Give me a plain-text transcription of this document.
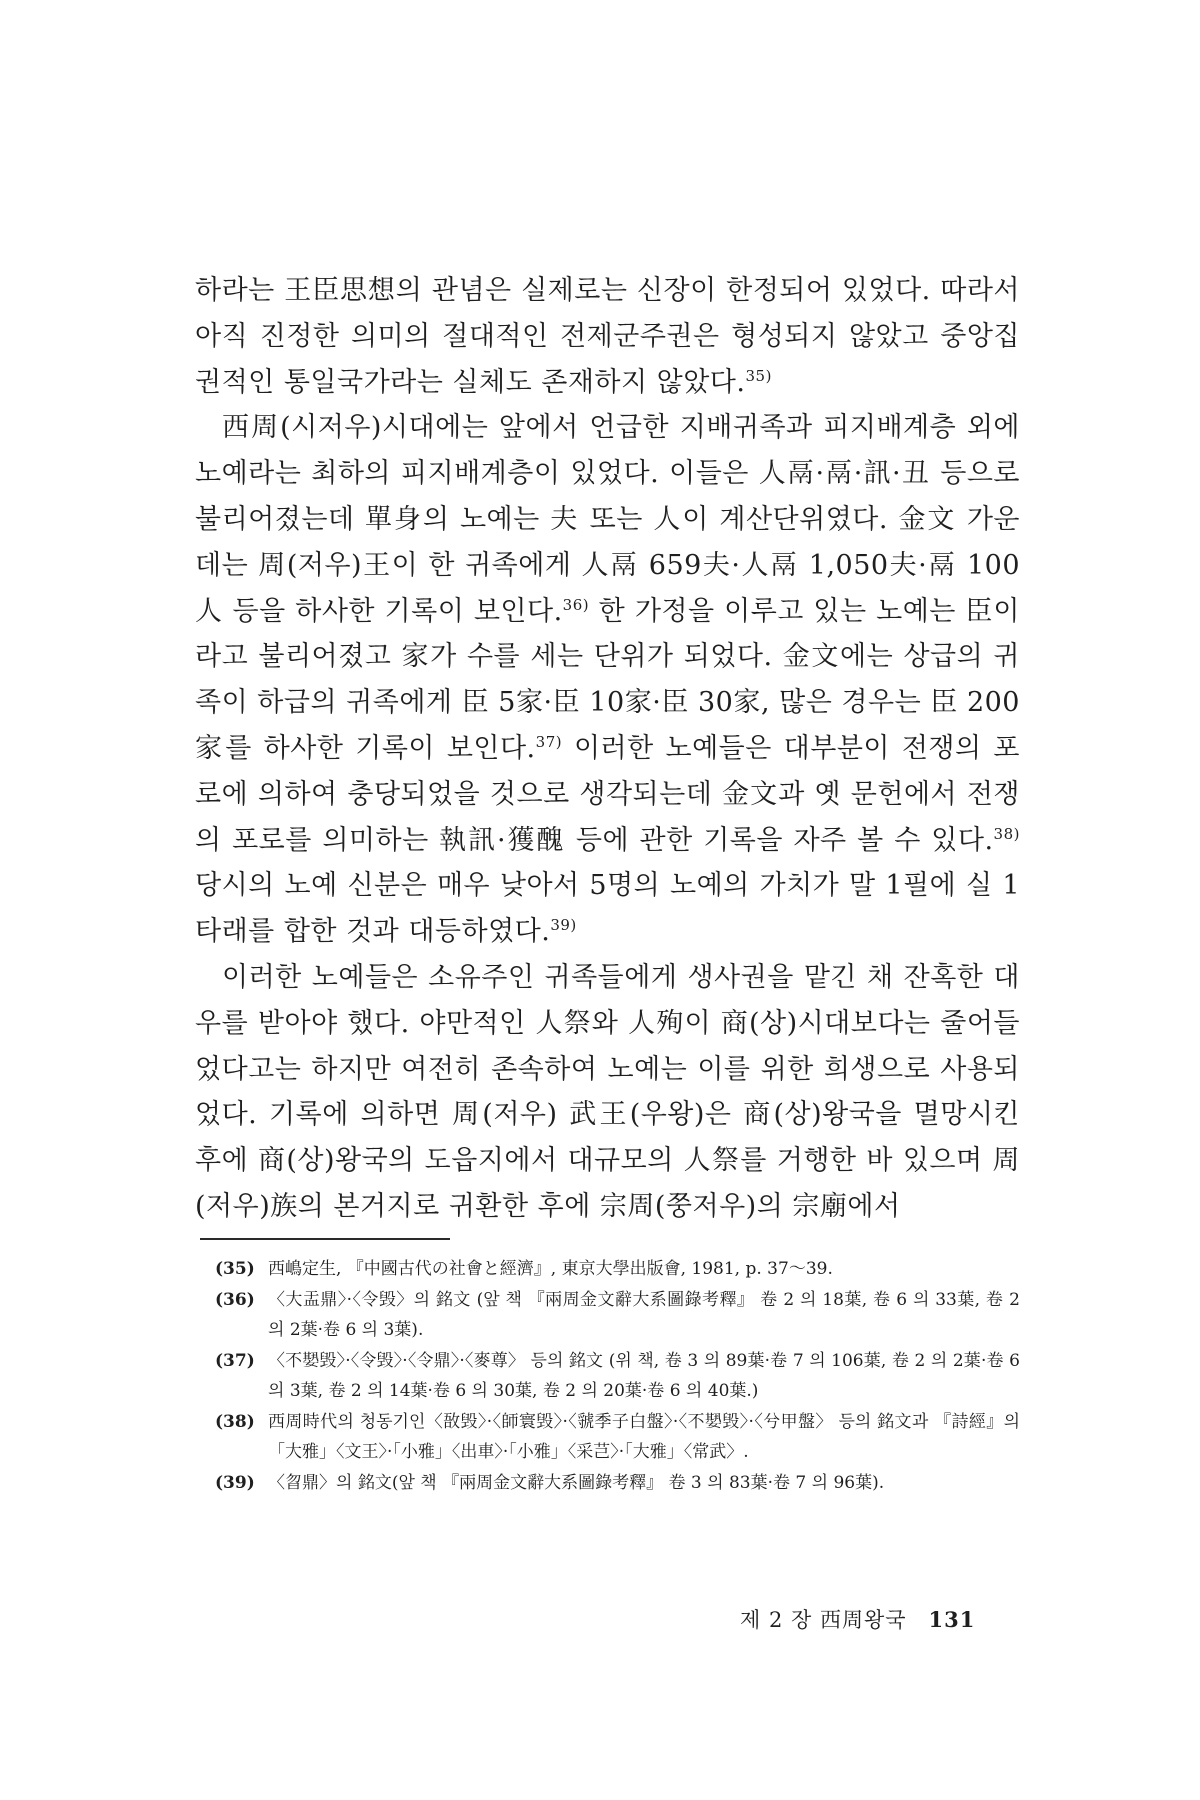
하라는 王臣思想의 관념은 실제로는 신장이 한정되어 있었다. 따라서 아직 진정한 의미의 절대적인 전제군주권은 형성되지 않았고 중앙집권적인 통일국가라는 실체도 존재하지 않았다.$^{35)}$

西周(시저우)시대에는 앞에서 언급한 지배귀족과 피지배계층 외에 노예라는 최하의 피지배계층이 있었다. 이들은 人鬲·鬲·訊·丑 등으로 불리어졌는데 單身의 노예는 夫 또는 人이 계산단위였다. 金文 가운데는 周(저우)王이 한 귀족에게 人鬲 659夫·人鬲 1,050夫·鬲 100人 등을 하사한 기록이 보인다.$^{36)}$ 한 가정을 이루고 있는 노예는 臣이라고 불리어졌고 家가 수를 세는 단위가 되었다. 金文에는 상급의 귀족이 하급의 귀족에게 臣 5家·臣 10家·臣 30家, 많은 경우는 臣 200家를 하사한 기록이 보인다.$^{37)}$ 이러한 노예들은 대부분이 전쟁의 포로에 의하여 충당되었을 것으로 생각되는데 金文과 옛 문헌에서 전쟁의 포로를 의미하는 執訊·獲醜 등에 관한 기록을 자주 볼 수 있다.$^{38)}$ 당시의 노예 신분은 매우 낮아서 5명의 노예의 가치가 말 1필에 실 1타래를 합한 것과 대등하였다.$^{39)}$

이러한 노예들은 소유주인 귀족들에게 생사권을 맡긴 채 잔혹한 대우를 받아야 했다. 야만적인 人祭와 人殉이 商(상)시대보다는 줄어들었다고는 하지만 여전히 존속하여 노예는 이를 위한 희생으로 사용되었다. 기록에 의하면 周(저우) 武王(우왕)은 商(상)왕국을 멸망시킨 후에 商(상)왕국의 도읍지에서 대규모의 人祭를 거행한 바 있으며 周(저우)族의 본거지로 귀환한 후에 宗周(쭝저우)의 宗廟에서

(35) 西嶋定生, 『中國古代の社會と經濟』, 東京大學出版會, 1981, p. 37～39.
(36) 〈大盂鼎〉·〈令毁〉의 銘文 (앞 책 『兩周金文辭大系圖錄考釋』 卷 2 의 18葉, 卷 6 의 33葉, 卷 2 의 2葉·卷 6 의 3葉).
(37) 〈不𡢁毁〉·〈令毁〉·〈令鼎〉·〈麥尊〉 등의 銘文 (위 책, 卷 3 의 89葉·卷 7 의 106葉, 卷 2 의 2葉·卷 6 의 3葉, 卷 2 의 14葉·卷 6 의 30葉, 卷 2 의 20葉·卷 6 의 40葉.)
(38) 西周時代의 청동기인〈敔毁〉·〈師寰毁〉·〈虢季子白盤〉·〈不𡢁毁〉·〈兮甲盤〉 등의 銘文과 『詩經』의 「大雅」〈文王〉·「小雅」〈出車〉·「小雅」〈采芑〉·「大雅」〈常武〉.
(39) 〈曶鼎〉의 銘文(앞 책 『兩周金文辭大系圖錄考釋』 卷 3 의 83葉·卷 7 의 96葉).
제 2 장 西周왕국 131
